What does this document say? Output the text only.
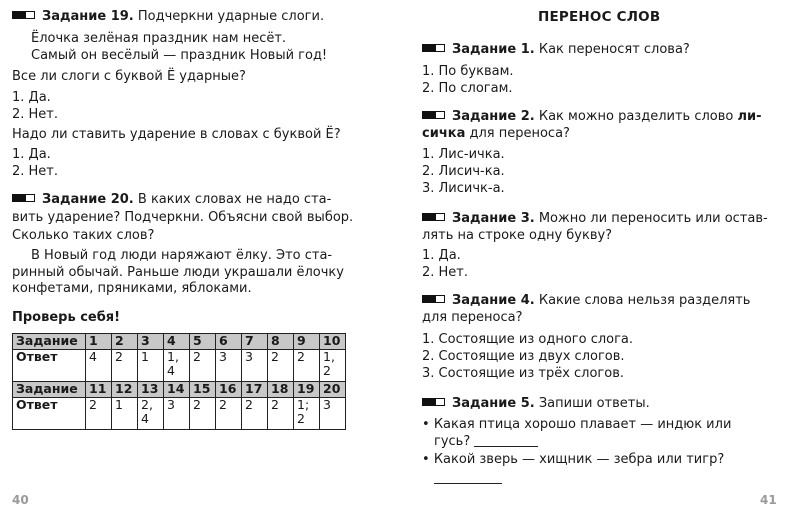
Задание 19. Подчеркни ударные слоги.
Ёлочка зелёная праздник нам несёт.
Самый он весёлый — праздник Новый год!
Все ли слоги с буквой Ё ударные?
1. Да.
2. Нет.
Надо ли ставить ударение в словах с буквой Ё?
1. Да.
2. Нет.
Задание 20. В каких словах не надо ста-
вить ударение? Подчеркни. Объясни свой выбор.
Сколько таких слов?
В Новый год люди наряжают ёлку. Это ста-
ринный обычай. Раньше люди украшали ёлочку
конфетами, пряниками, яблоками.
Проверь себя!
Задание	1	2	3	4	5	6	7	8	9	10
Ответ	4	2	1	1, 4	2	3	3	2	2	1, 2
Задание	11	12	13	14	15	16	17	18	19	20
Ответ	2	1	2, 4	3	2	2	2	2	1; 2	3
40
ПЕРЕНОС СЛОВ
Задание 1. Как переносят слова?
1. По буквам.
2. По слогам.
Задание 2. Как можно разделить слово ли-
сичка для переноса?
1. Лис-ичка.
2. Лисич-ка.
3. Лисичк-а.
Задание 3. Можно ли переносить или остав-
лять на строке одну букву?
1. Да.
2. Нет.
Задание 4. Какие слова нельзя разделять
для переноса?
1. Состоящие из одного слога.
2. Состоящие из двух слогов.
3. Состоящие из трёх слогов.
Задание 5. Запиши ответы.
• Какая птица хорошо плавает — индюк или
гусь?
• Какой зверь — хищник — зебра или тигр?
41
